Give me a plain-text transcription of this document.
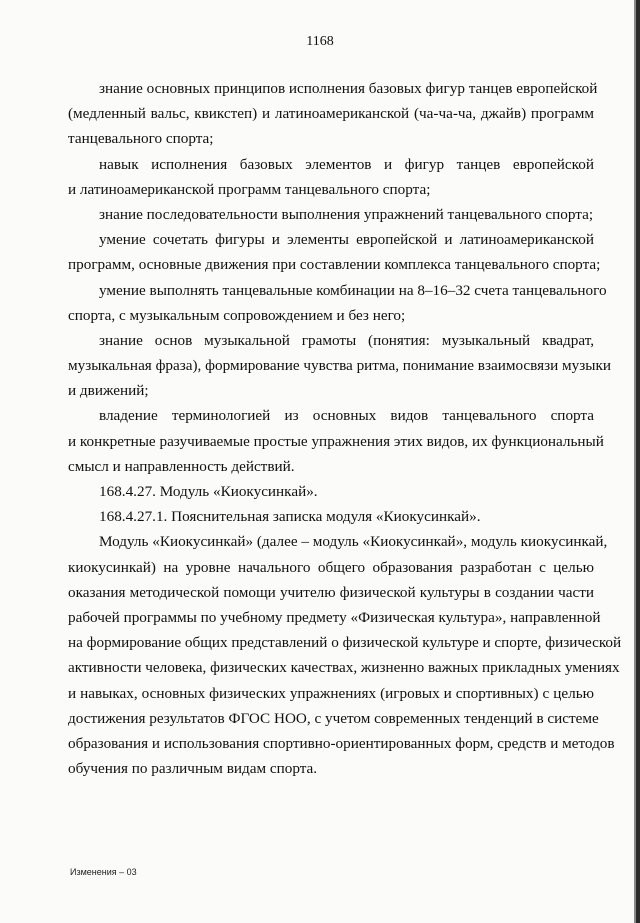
1168
знание основных принципов исполнения базовых фигур танцев европейской
(медленный вальс, квикстеп) и латиноамериканской (ча-ча-ча, джайв) программ
танцевального спорта;
навык исполнения базовых элементов и фигур танцев европейской
и латиноамериканской программ танцевального спорта;
знание последовательности выполнения упражнений танцевального спорта;
умение сочетать фигуры и элементы европейской и латиноамериканской
программ, основные движения при составлении комплекса танцевального спорта;
умение выполнять танцевальные комбинации на 8–16–32 счета танцевального
спорта, с музыкальным сопровождением и без него;
знание основ музыкальной грамоты (понятия: музыкальный квадрат,
музыкальная фраза), формирование чувства ритма, понимание взаимосвязи музыки
и движений;
владение терминологией из основных видов танцевального спорта
и конкретные разучиваемые простые упражнения этих видов, их функциональный
смысл и направленность действий.
168.4.27. Модуль «Киокусинкай».
168.4.27.1. Пояснительная записка модуля «Киокусинкай».
Модуль «Киокусинкай» (далее – модуль «Киокусинкай», модуль киокусинкай,
киокусинкай) на уровне начального общего образования разработан с целью
оказания методической помощи учителю физической культуры в создании части
рабочей программы по учебному предмету «Физическая культура», направленной
на формирование общих представлений о физической культуре и спорте, физической
активности человека, физических качествах, жизненно важных прикладных умениях
и навыках, основных физических упражнениях (игровых и спортивных) с целью
достижения результатов ФГОС НОО, с учетом современных тенденций в системе
образования и использования спортивно-ориентированных форм, средств и методов
обучения по различным видам спорта.
Изменения – 03
